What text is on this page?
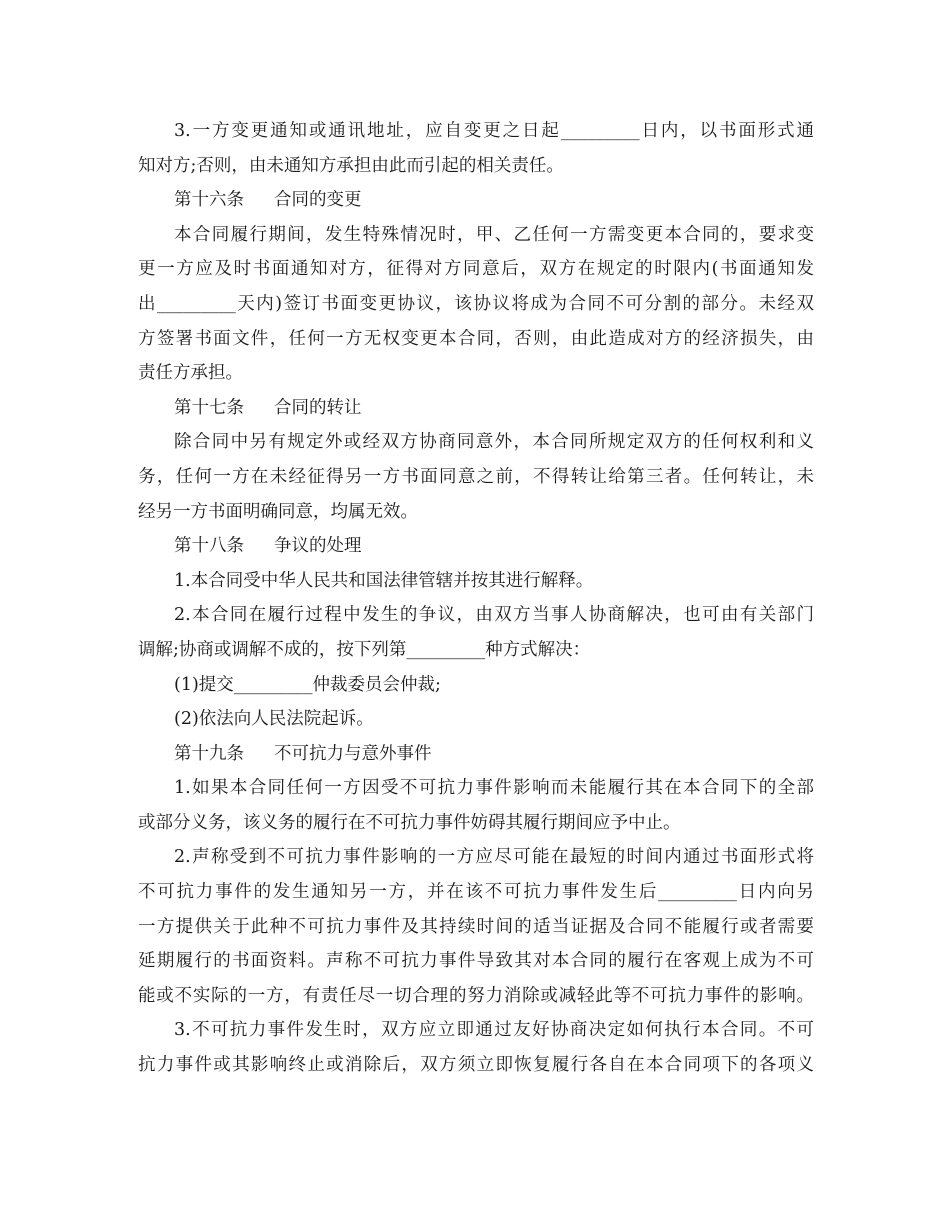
3.一方变更通知或通讯地址，应自变更之日起_________日内，以书面形式通
知对方;否则，由未通知方承担由此而引起的相关责任。
第十六条 合同的变更
本合同履行期间，发生特殊情况时，甲、乙任何一方需变更本合同的，要求变
更一方应及时书面通知对方，征得对方同意后，双方在规定的时限内(书面通知发
出_________天内)签订书面变更协议，该协议将成为合同不可分割的部分。未经双
方签署书面文件，任何一方无权变更本合同，否则，由此造成对方的经济损失，由
责任方承担。
第十七条 合同的转让
除合同中另有规定外或经双方协商同意外，本合同所规定双方的任何权利和义
务，任何一方在未经征得另一方书面同意之前，不得转让给第三者。任何转让，未
经另一方书面明确同意，均属无效。
第十八条 争议的处理
1.本合同受中华人民共和国法律管辖并按其进行解释。
2.本合同在履行过程中发生的争议，由双方当事人协商解决，也可由有关部门
调解;协商或调解不成的，按下列第_________种方式解决：
(1)提交_________仲裁委员会仲裁;
(2)依法向人民法院起诉。
第十九条 不可抗力与意外事件
1.如果本合同任何一方因受不可抗力事件影响而未能履行其在本合同下的全部
或部分义务，该义务的履行在不可抗力事件妨碍其履行期间应予中止。
2.声称受到不可抗力事件影响的一方应尽可能在最短的时间内通过书面形式将
不可抗力事件的发生通知另一方，并在该不可抗力事件发生后_________日内向另
一方提供关于此种不可抗力事件及其持续时间的适当证据及合同不能履行或者需要
延期履行的书面资料。声称不可抗力事件导致其对本合同的履行在客观上成为不可
能或不实际的一方，有责任尽一切合理的努力消除或减轻此等不可抗力事件的影响。
3.不可抗力事件发生时，双方应立即通过友好协商决定如何执行本合同。不可
抗力事件或其影响终止或消除后，双方须立即恢复履行各自在本合同项下的各项义
